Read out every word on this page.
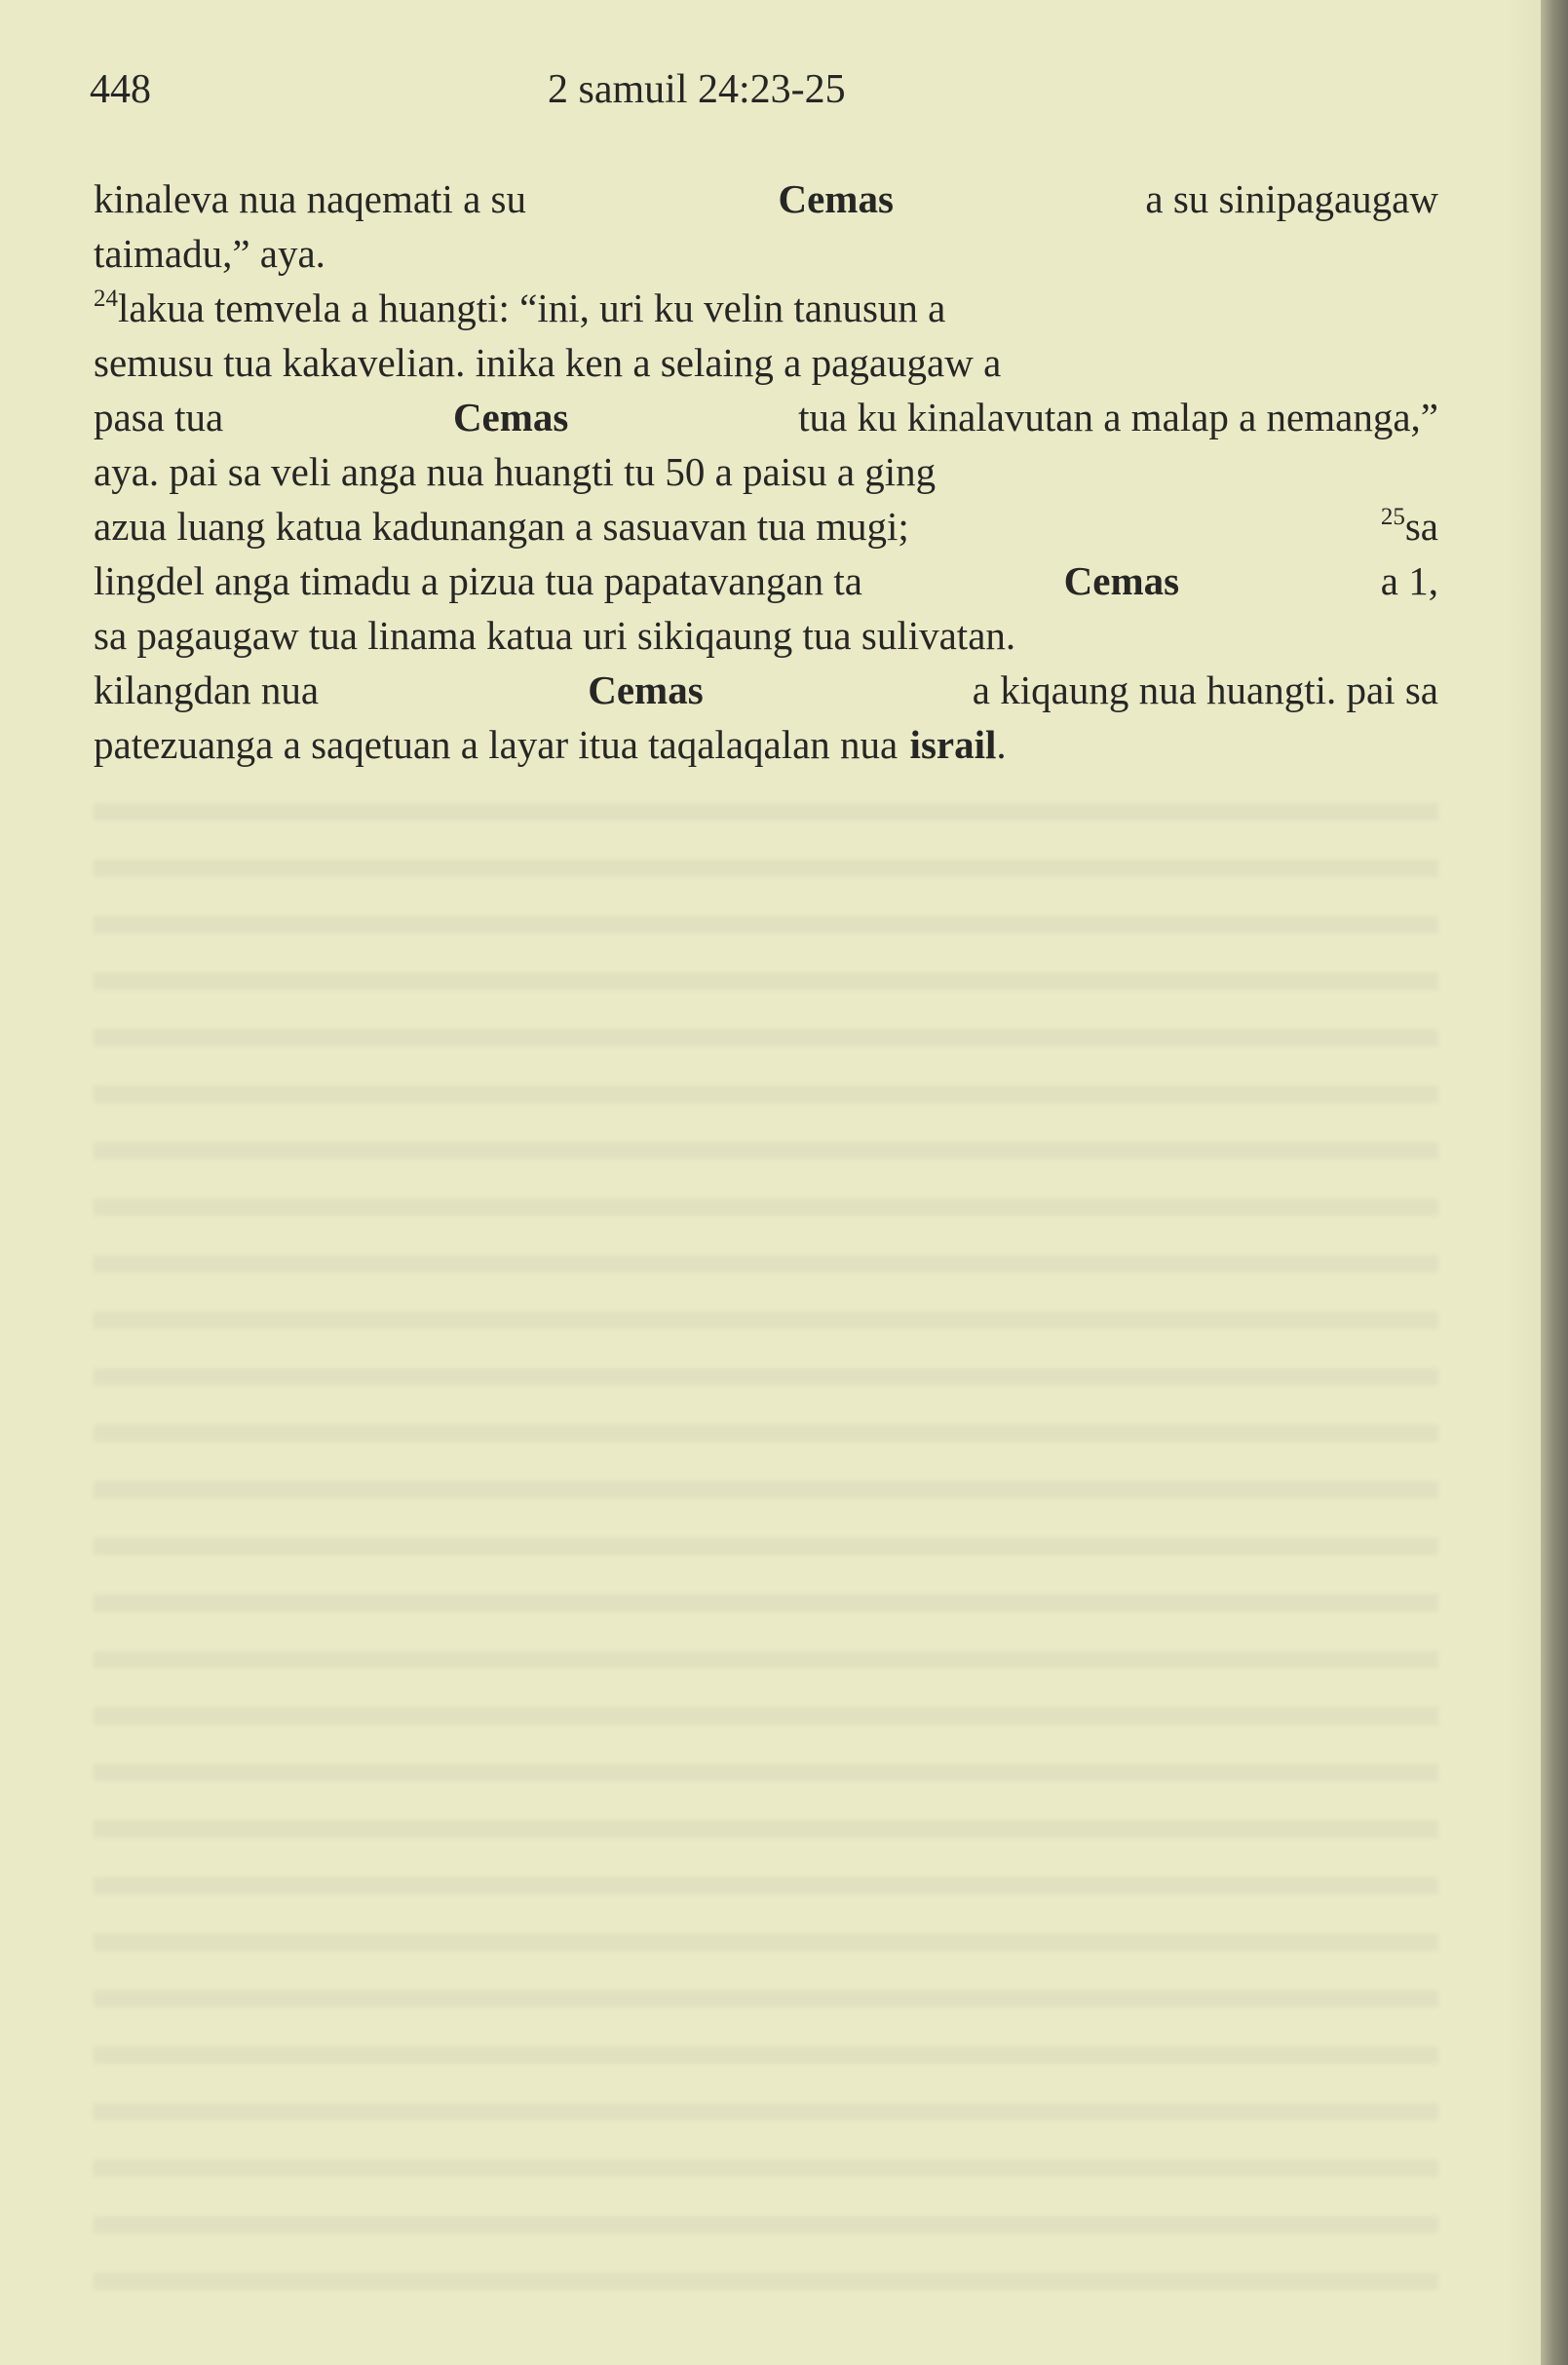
448	2 samuil 24:23-25
kinaleva nua naqemati a su	Cemas	a su sinipagaugaw
taimadu,” aya.
$^{24}$lakua temvela a huangti: “ini, uri ku velin tanusun a
semusu tua kakavelian. inika ken a selaing a pagaugaw a
pasa tua	Cemas	tua ku kinalavutan a malap a nemanga,”
aya. pai sa veli anga nua huangti tu 50 a paisu a ging
azua luang katua kadunangan a sasuavan tua mugi;	$^{25}$sa
lingdel anga timadu a pizua tua papatavangan ta	Cemas	a 1,
sa pagaugaw tua linama katua uri sikiqaung tua sulivatan.
kilangdan nua	Cemas	a kiqaung nua huangti. pai sa
patezuanga a saqetuan a layar itua taqalaqalan nua israil.
